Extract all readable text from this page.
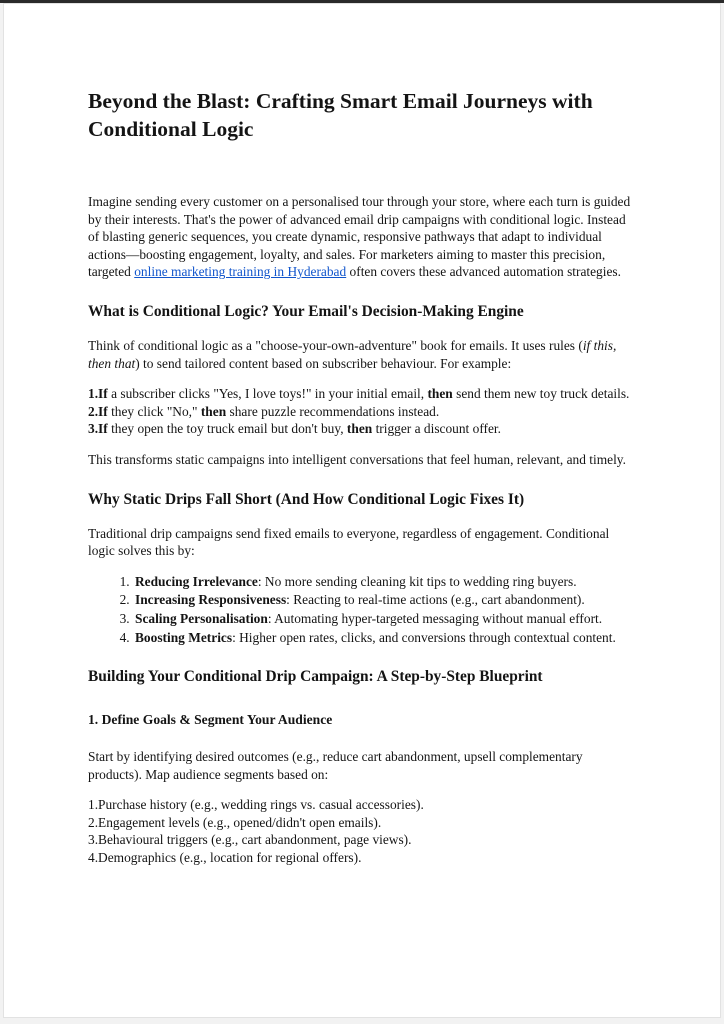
Beyond the Blast: Crafting Smart Email Journeys with Conditional Logic

Imagine sending every customer on a personalised tour through your store, where each turn is guided by their interests. That's the power of advanced email drip campaigns with conditional logic. Instead of blasting generic sequences, you create dynamic, responsive pathways that adapt to individual actions—boosting engagement, loyalty, and sales. For marketers aiming to master this precision, targeted online marketing training in Hyderabad often covers these advanced automation strategies.

What is Conditional Logic? Your Email's Decision-Making Engine

Think of conditional logic as a "choose-your-own-adventure" book for emails. It uses rules (if this, then that) to send tailored content based on subscriber behaviour. For example:

1.If a subscriber clicks "Yes, I love toys!" in your initial email, then send them new toy truck details.
2.If they click "No," then share puzzle recommendations instead.
3.If they open the toy truck email but don't buy, then trigger a discount offer.

This transforms static campaigns into intelligent conversations that feel human, relevant, and timely.

Why Static Drips Fall Short (And How Conditional Logic Fixes It)

Traditional drip campaigns send fixed emails to everyone, regardless of engagement. Conditional logic solves this by:

1. Reducing Irrelevance: No more sending cleaning kit tips to wedding ring buyers.
2. Increasing Responsiveness: Reacting to real-time actions (e.g., cart abandonment).
3. Scaling Personalisation: Automating hyper-targeted messaging without manual effort.
4. Boosting Metrics: Higher open rates, clicks, and conversions through contextual content.
Building Your Conditional Drip Campaign: A Step-by-Step Blueprint
1. Define Goals & Segment Your Audience

Start by identifying desired outcomes (e.g., reduce cart abandonment, upsell complementary products). Map audience segments based on:

1.Purchase history (e.g., wedding rings vs. casual accessories).
2.Engagement levels (e.g., opened/didn't open emails).
3.Behavioural triggers (e.g., cart abandonment, page views).
4.Demographics (e.g., location for regional offers).
